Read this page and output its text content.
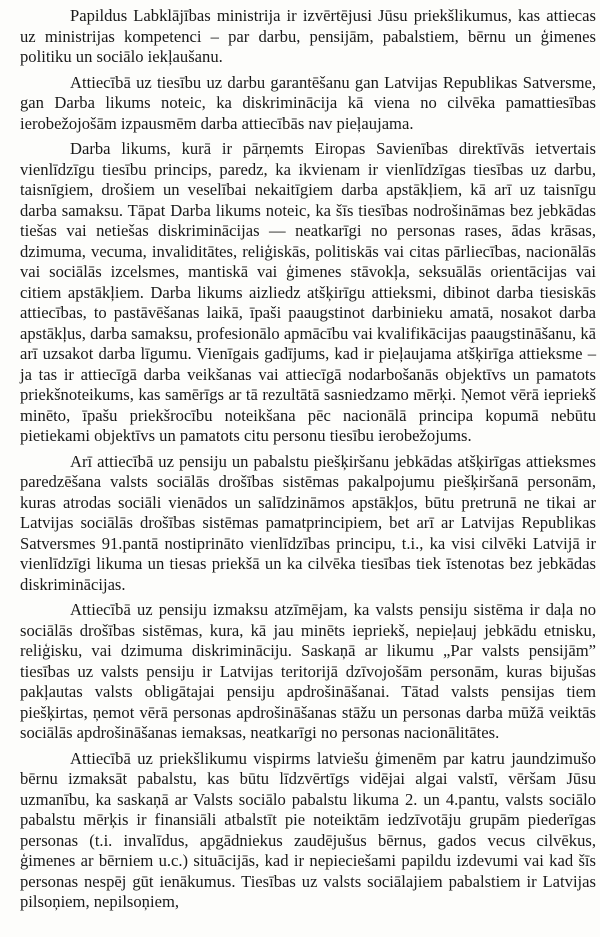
Papildus Labklājības ministrija ir izvērtējusi Jūsu priekšlikumus, kas attiecas uz ministrijas kompetenci – par darbu, pensijām, pabalstiem, bērnu un ģimenes politiku un sociālo iekļaušanu.

Attiecībā uz tiesību uz darbu garantēšanu gan Latvijas Republikas Satversme, gan Darba likums noteic, ka diskriminācija kā viena no cilvēka pamattiesības ierobežojošām izpausmēm darba attiecībās nav pieļaujama.

Darba likums, kurā ir pārņemts Eiropas Savienības direktīvās ietvertais vienlīdzīgu tiesību princips, paredz, ka ikvienam ir vienlīdzīgas tiesības uz darbu, taisnīgiem, drošiem un veselībai nekaitīgiem darba apstākļiem, kā arī uz taisnīgu darba samaksu. Tāpat Darba likums noteic, ka šīs tiesības nodrošināmas bez jebkādas tiešas vai netiešas diskriminācijas — neatkarīgi no personas rases, ādas krāsas, dzimuma, vecuma, invaliditātes, reliģiskās, politiskās vai citas pārliecības, nacionālās vai sociālās izcelsmes, mantiskā vai ģimenes stāvokļa, seksuālās orientācijas vai citiem apstākļiem. Darba likums aizliedz atšķirīgu attieksmi, dibinot darba tiesiskās attiecības, to pastāvēšanas laikā, īpaši paaugstinot darbinieku amatā, nosakot darba apstākļus, darba samaksu, profesionālo apmācību vai kvalifikācijas paaugstināšanu, kā arī uzsakot darba līgumu. Vienīgais gadījums, kad ir pieļaujama atšķirīga attieksme – ja tas ir attiecīgā darba veikšanas vai attiecīgā nodarbošanās objektīvs un pamatots priekšnoteikums, kas samērīgs ar tā rezultātā sasniedzamo mērķi. Ņemot vērā iepriekš minēto, īpašu priekšrocību noteikšana pēc nacionālā principa kopumā nebūtu pietiekami objektīvs un pamatots citu personu tiesību ierobežojums.

Arī attiecībā uz pensiju un pabalstu piešķiršanu jebkādas atšķirīgas attieksmes paredzēšana valsts sociālās drošības sistēmas pakalpojumu piešķiršanā personām, kuras atrodas sociāli vienādos un salīdzināmos apstākļos, būtu pretrunā ne tikai ar Latvijas sociālās drošības sistēmas pamatprincipiem, bet arī ar Latvijas Republikas Satversmes 91.pantā nostiprināto vienlīdzības principu, t.i., ka visi cilvēki Latvijā ir vienlīdzīgi likuma un tiesas priekšā un ka cilvēka tiesības tiek īstenotas bez jebkādas diskriminācijas.

Attiecībā uz pensiju izmaksu atzīmējam, ka valsts pensiju sistēma ir daļa no sociālās drošības sistēmas, kura, kā jau minēts iepriekš, nepieļauj jebkādu etnisku, reliģisku, vai dzimuma diskrimināciju. Saskaņā ar likumu „Par valsts pensijām” tiesības uz valsts pensiju ir Latvijas teritorijā dzīvojošām personām, kuras bijušas pakļautas valsts obligātajai pensiju apdrošināšanai. Tātad valsts pensijas tiem piešķirtas, ņemot vērā personas apdrošināšanas stāžu un personas darba mūžā veiktās sociālās apdrošināšanas iemaksas, neatkarīgi no personas nacionālitātes.

Attiecībā uz priekšlikumu vispirms latviešu ģimenēm par katru jaundzimušo bērnu izmaksāt pabalstu, kas būtu līdzvērtīgs vidējai algai valstī, vēršam Jūsu uzmanību, ka saskaņā ar Valsts sociālo pabalstu likuma 2. un 4.pantu, valsts sociālo pabalstu mērķis ir finansiāli atbalstīt pie noteiktām iedzīvotāju grupām piederīgas personas (t.i. invalīdus, apgādniekus zaudējušus bērnus, gados vecus cilvēkus, ģimenes ar bērniem u.c.) situācijās, kad ir nepieciešami papildu izdevumi vai kad šīs personas nespēj gūt ienākumus. Tiesības uz valsts sociālajiem pabalstiem ir Latvijas pilsoņiem, nepilsoņiem,
